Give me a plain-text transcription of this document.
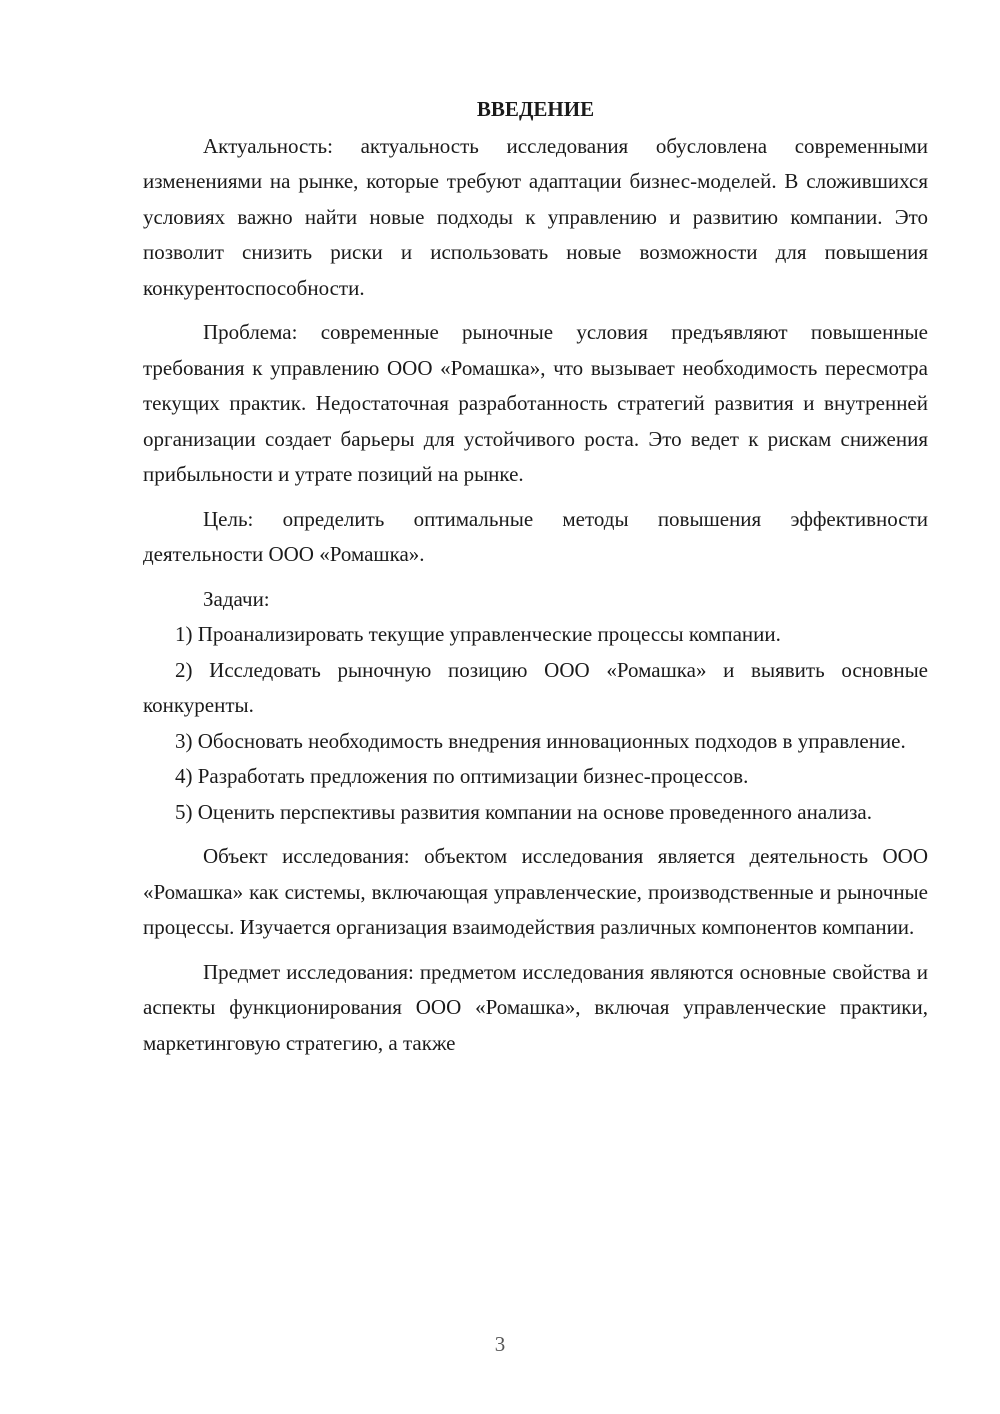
ВВЕДЕНИЕ

Актуальность: актуальность исследования обусловлена современными изменениями на рынке, которые требуют адаптации бизнес-моделей. В сложившихся условиях важно найти новые подходы к управлению и развитию компании. Это позволит снизить риски и использовать новые возможности для повышения конкурентоспособности.

Проблема: современные рыночные условия предъявляют повышенные требования к управлению ООО «Ромашка», что вызывает необходимость пересмотра текущих практик. Недостаточная разработанность стратегий развития и внутренней организации создает барьеры для устойчивого роста. Это ведет к рискам снижения прибыльности и утрате позиций на рынке.

Цель: определить оптимальные методы повышения эффективности деятельности ООО «Ромашка».

Задачи:

1) Проанализировать текущие управленческие процессы компании.

2) Исследовать рыночную позицию ООО «Ромашка» и выявить основные конкуренты.

3) Обосновать необходимость внедрения инновационных подходов в управление.

4) Разработать предложения по оптимизации бизнес-процессов.

5) Оценить перспективы развития компании на основе проведенного анализа.

Объект исследования: объектом исследования является деятельность ООО «Ромашка» как системы, включающая управленческие, производственные и рыночные процессы. Изучается организация взаимодействия различных компонентов компании.

Предмет исследования: предметом исследования являются основные свойства и аспекты функционирования ООО «Ромашка», включая управленческие практики, маркетинговую стратегию, а также

3
